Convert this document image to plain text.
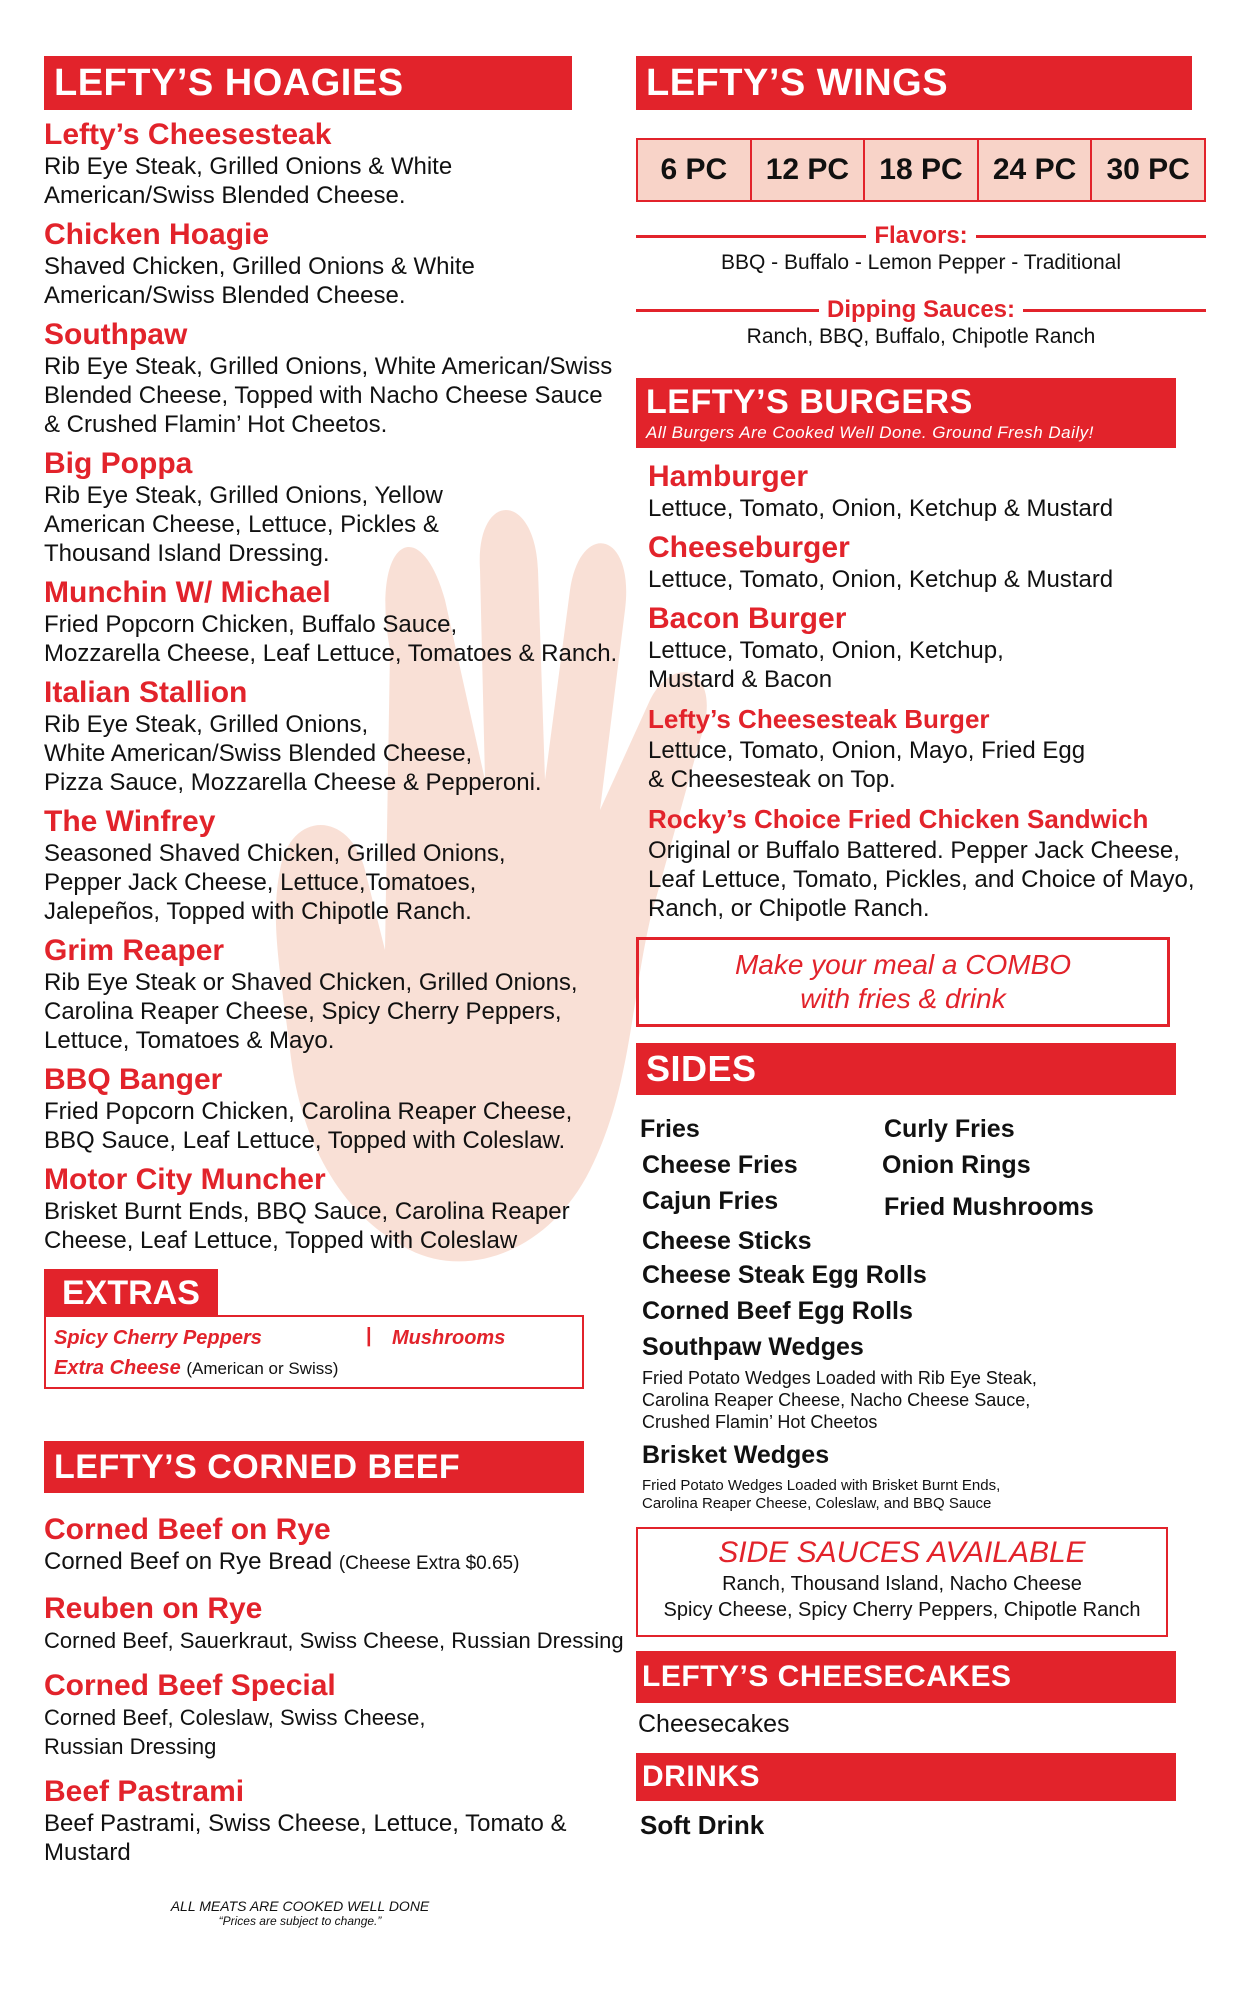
LEFTY’S HOAGIES
Lefty’s Cheesesteak
Rib Eye Steak, Grilled Onions & White
American/Swiss Blended Cheese.
Chicken Hoagie
Shaved Chicken, Grilled Onions & White
American/Swiss Blended Cheese.
Southpaw
Rib Eye Steak, Grilled Onions, White American/Swiss
Blended Cheese, Topped with Nacho Cheese Sauce
& Crushed Flamin’ Hot Cheetos.
Big Poppa
Rib Eye Steak, Grilled Onions, Yellow
American Cheese, Lettuce, Pickles &
Thousand Island Dressing.
Munchin W/ Michael
Fried Popcorn Chicken, Buffalo Sauce,
Mozzarella Cheese, Leaf Lettuce, Tomatoes & Ranch.
Italian Stallion
Rib Eye Steak, Grilled Onions,
White American/Swiss Blended Cheese,
Pizza Sauce, Mozzarella Cheese & Pepperoni.
The Winfrey
Seasoned Shaved Chicken, Grilled Onions,
Pepper Jack Cheese, Lettuce,Tomatoes,
Jalepeños, Topped with Chipotle Ranch.
Grim Reaper
Rib Eye Steak or Shaved Chicken, Grilled Onions,
Carolina Reaper Cheese, Spicy Cherry Peppers,
Lettuce, Tomatoes & Mayo.
BBQ Banger
Fried Popcorn Chicken, Carolina Reaper Cheese,
BBQ Sauce, Leaf Lettuce, Topped with Coleslaw.
Motor City Muncher
Brisket Burnt Ends, BBQ Sauce, Carolina Reaper
Cheese, Leaf Lettuce, Topped with Coleslaw
EXTRAS
Spicy Cherry Peppers	| Mushrooms

Extra Cheese (American or Swiss)
LEFTY’S CORNED BEEF
Corned Beef on Rye
Corned Beef on Rye Bread (Cheese Extra $0.65)
Reuben on Rye
Corned Beef, Sauerkraut, Swiss Cheese, Russian Dressing
Corned Beef Special
Corned Beef, Coleslaw, Swiss Cheese,
Russian Dressing
Beef Pastrami
Beef Pastrami, Swiss Cheese, Lettuce, Tomato &
Mustard
ALL MEATS ARE COOKED WELL DONE
“Prices are subject to change.”
LEFTY’S WINGS
6 PC	12 PC	18 PC	24 PC	30 PC
Flavors:
BBQ - Buffalo - Lemon Pepper - Traditional
Dipping Sauces:
Ranch, BBQ, Buffalo, Chipotle Ranch
LEFTY’S BURGERS
All Burgers Are Cooked Well Done. Ground Fresh Daily!
Hamburger
Lettuce, Tomato, Onion, Ketchup & Mustard
Cheeseburger
Lettuce, Tomato, Onion, Ketchup & Mustard
Bacon Burger
Lettuce, Tomato, Onion, Ketchup,
Mustard & Bacon
Lefty’s Cheesesteak Burger
Lettuce, Tomato, Onion, Mayo, Fried Egg
& Cheesesteak on Top.
Rocky’s Choice Fried Chicken Sandwich
Original or Buffalo Battered. Pepper Jack Cheese,
Leaf Lettuce, Tomato, Pickles, and Choice of Mayo,
Ranch, or Chipotle Ranch.
Make your meal a COMBO
with fries & drink
SIDES
Fries	Curly Fries
Cheese Fries	Onion Rings
Cajun Fries	Fried Mushrooms
Cheese Sticks
Cheese Steak Egg Rolls
Corned Beef Egg Rolls
Southpaw Wedges
Fried Potato Wedges Loaded with Rib Eye Steak,
Carolina Reaper Cheese, Nacho Cheese Sauce,
Crushed Flamin’ Hot Cheetos
Brisket Wedges
Fried Potato Wedges Loaded with Brisket Burnt Ends,
Carolina Reaper Cheese, Coleslaw, and BBQ Sauce
SIDE SAUCES AVAILABLE
Ranch, Thousand Island, Nacho Cheese
Spicy Cheese, Spicy Cherry Peppers, Chipotle Ranch
LEFTY’S CHEESECAKES
Cheesecakes
DRINKS
Soft Drink
